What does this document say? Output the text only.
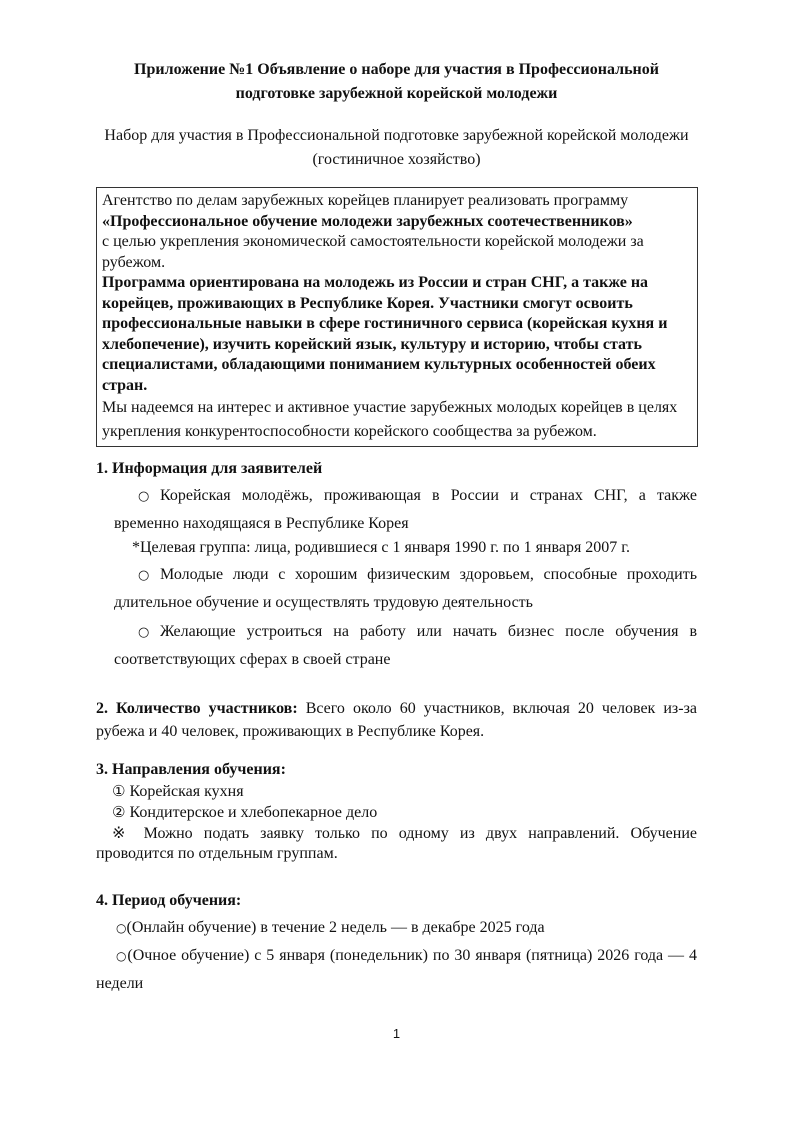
Приложение №1 Объявление о наборе для участия в Профессиональной подготовке зарубежной корейской молодежи
Набор для участия в Профессиональной подготовке зарубежной корейской молодежи (гостиничное хозяйство)
Агентство по делам зарубежных корейцев планирует реализовать программу
«Профессиональное обучение молодежи зарубежных соотечественников»
с целью укрепления экономической самостоятельности корейской молодежи за рубежом.
Программа ориентирована на молодежь из России и стран СНГ, а также на корейцев, проживающих в Республике Корея. Участники смогут освоить профессиональные навыки в сфере гостиничного сервиса (корейская кухня и хлебопечение), изучить корейский язык, культуру и историю, чтобы стать специалистами, обладающими пониманием культурных особенностей обеих стран.
Мы надеемся на интерес и активное участие зарубежных молодых корейцев в целях укрепления конкурентоспособности корейского сообщества за рубежом.
1. Информация для заявителей
○ Корейская молодёжь, проживающая в России и странах СНГ, а также временно находящаяся в Республике Корея
*Целевая группа: лица, родившиеся с 1 января 1990 г. по 1 января 2007 г.
○ Молодые люди с хорошим физическим здоровьем, способные проходить длительное обучение и осуществлять трудовую деятельность
○ Желающие устроиться на работу или начать бизнес после обучения в соответствующих сферах в своей стране
2. Количество участников: Всего около 60 участников, включая 20 человек из-за рубежа и 40 человек, проживающих в Республике Корея.
3. Направления обучения:
① Корейская кухня
② Кондитерское и хлебопекарное дело
※ Можно подать заявку только по одному из двух направлений. Обучение проводится по отдельным группам.
4. Период обучения:
○(Онлайн обучение) в течение 2 недель — в декабре 2025 года
○(Очное обучение) с 5 января (понедельник) по 30 января (пятница) 2026 года — 4 недели
1
